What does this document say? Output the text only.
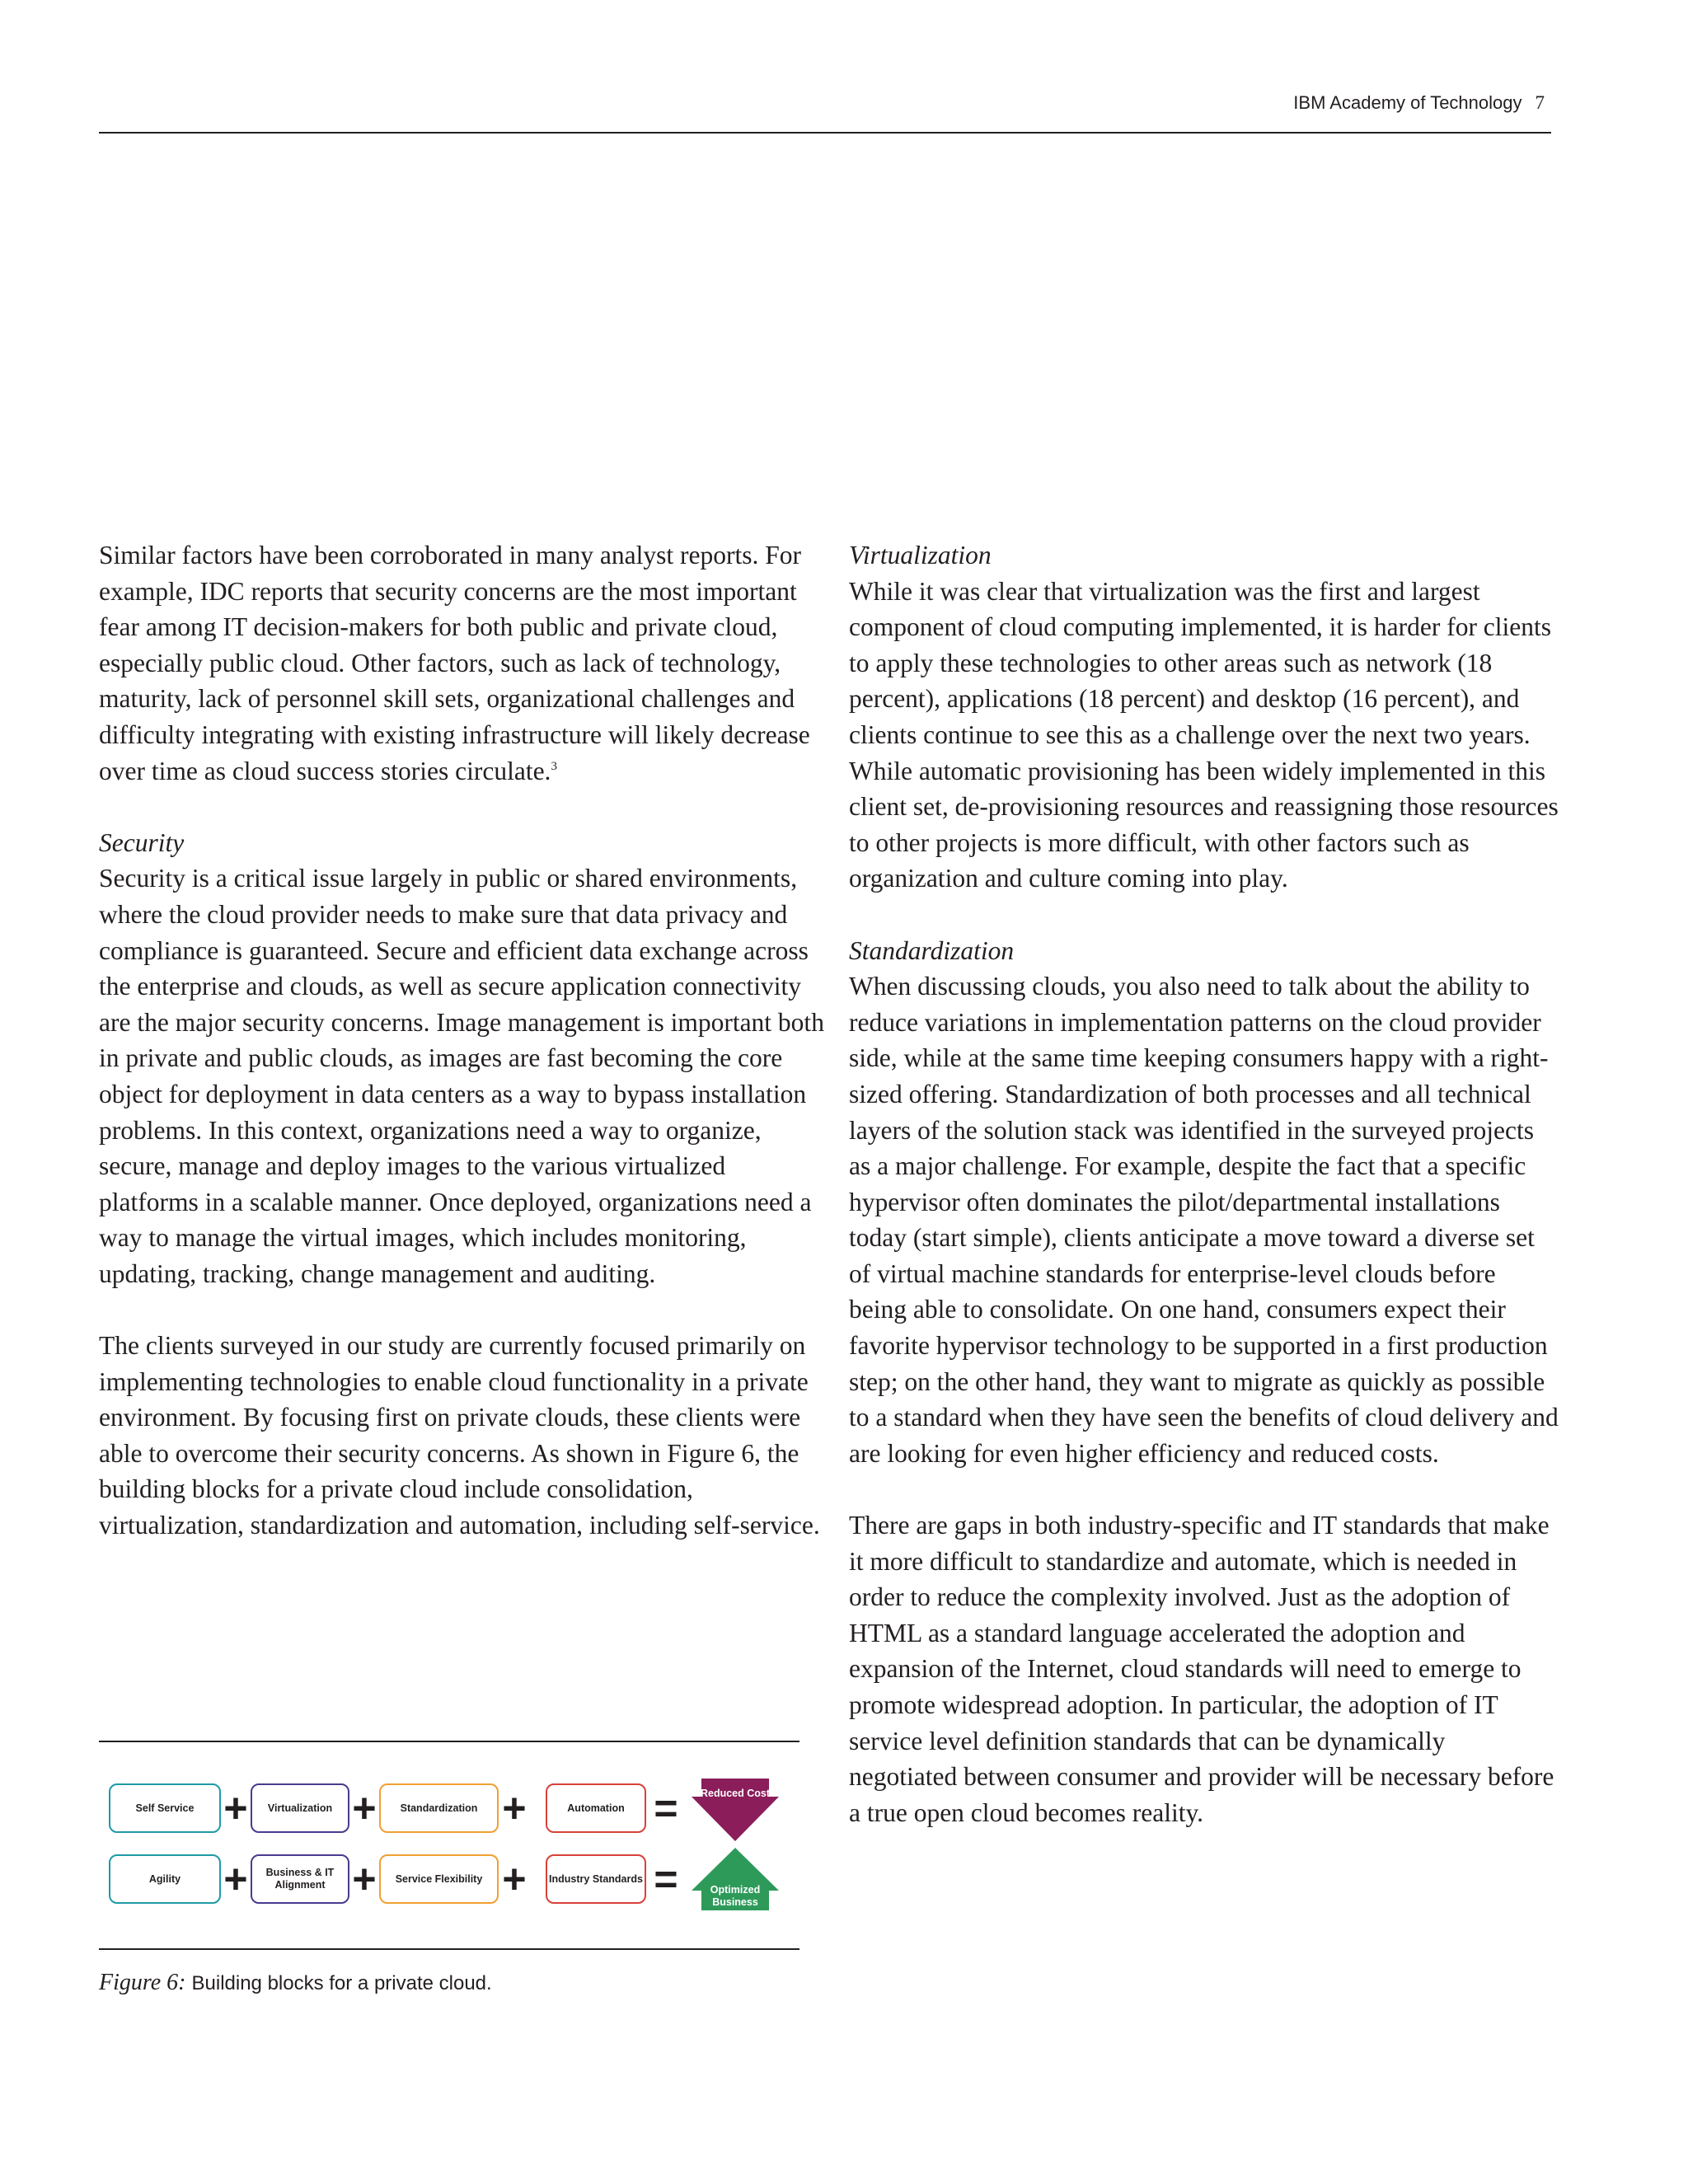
IBM Academy of Technology 7

Similar factors have been corroborated in many analyst reports. For example, IDC reports that security concerns are the most important fear among IT decision-makers for both public and private cloud, especially public cloud. Other factors, such as lack of technology, maturity, lack of personnel skill sets, organizational challenges and difficulty integrating with existing infrastructure will likely decrease over time as cloud success stories circulate.$^3$

Security

Security is a critical issue largely in public or shared environments, where the cloud provider needs to make sure that data privacy and compliance is guaranteed. Secure and efficient data exchange across the enterprise and clouds, as well as secure application connectivity are the major security concerns. Image management is important both in private and public clouds, as images are fast becoming the core object for deployment in data centers as a way to bypass installation problems. In this context, organizations need a way to organize, secure, manage and deploy images to the various virtualized platforms in a scalable manner. Once deployed, organizations need a way to manage the virtual images, which includes monitoring, updating, tracking, change management and auditing.

The clients surveyed in our study are currently focused primarily on implementing technologies to enable cloud functionality in a private environment. By focusing first on private clouds, these clients were able to overcome their security concerns. As shown in Figure 6, the building blocks for a private cloud include consolidation, virtualization, standardization and automation, including self-service.

Virtualization

While it was clear that virtualization was the first and largest component of cloud computing implemented, it is harder for clients to apply these technologies to other areas such as network (18 percent), applications (18 percent) and desktop (16 percent), and clients continue to see this as a challenge over the next two years. While automatic provisioning has been widely implemented in this client set, de-provisioning resources and reassigning those resources to other projects is more difficult, with other factors such as organization and culture coming into play.

Standardization

When discussing clouds, you also need to talk about the ability to reduce variations in implementation patterns on the cloud provider side, while at the same time keeping consumers happy with a right-sized offering. Standardization of both processes and all technical layers of the solution stack was identified in the surveyed projects as a major challenge. For example, despite the fact that a specific hypervisor often dominates the pilot/departmental installations today (start simple), clients anticipate a move toward a diverse set of virtual machine standards for enterprise-level clouds before being able to consolidate. On one hand, consumers expect their favorite hypervisor technology to be supported in a first production step; on the other hand, they want to migrate as quickly as possible to a standard when they have seen the benefits of cloud delivery and are looking for even higher efficiency and reduced costs.

There are gaps in both industry-specific and IT standards that make it more difficult to standardize and automate, which is needed in order to reduce the complexity involved. Just as the adoption of HTML as a standard language accelerated the adoption and expansion of the Internet, cloud standards will need to emerge to promote widespread adoption. In particular, the adoption of IT service level definition standards that can be dynamically negotiated between consumer and provider will be necessary before a true open cloud becomes reality.

Self Service +	Virtualization +	Standardization +	Automation =	Reduced Cost
Agility	+	Business & IT Alignment +	Service Flexibility +	Industry Standards =	Optimized Business
Figure 6: Building blocks for a private cloud.
